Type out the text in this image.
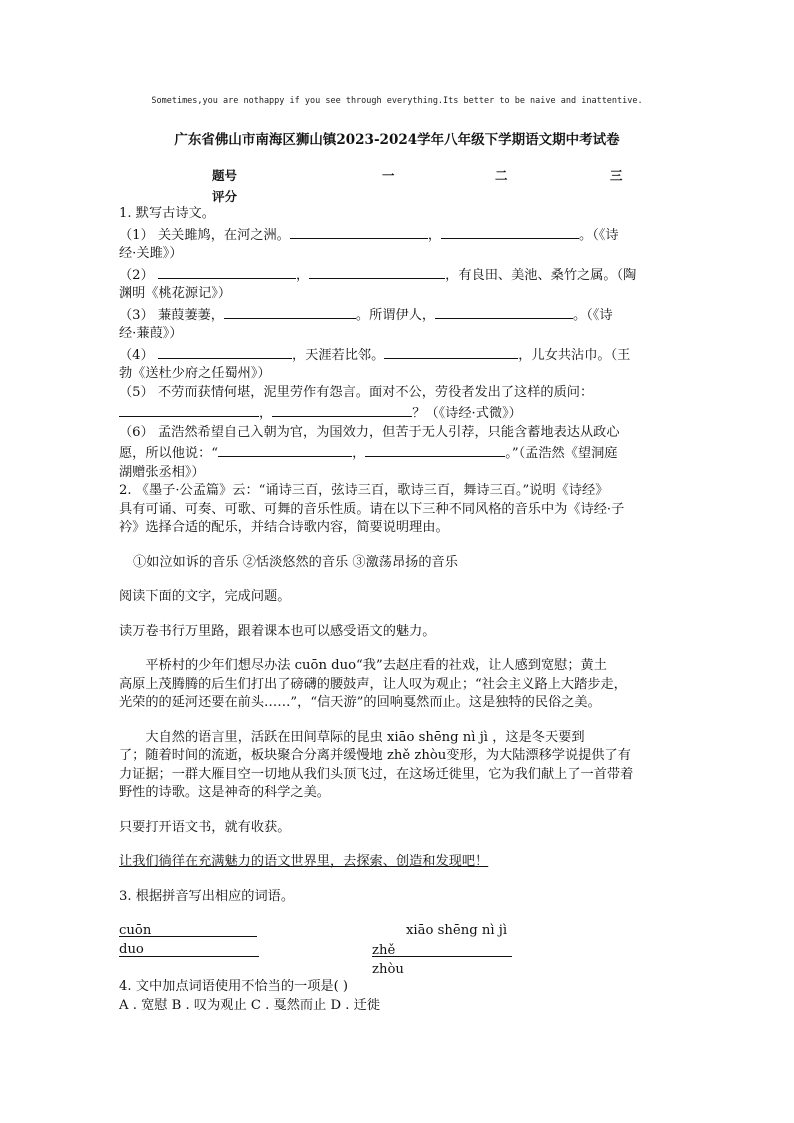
Sometimes,you are nothappy if you see through everything.Its better to be naive and inattentive.
广东省佛山市南海区狮山镇2023-2024学年八年级下学期语文期中考试卷
题号	一	二	三
评分

1. 默写古诗文。

（1） 关关雎鸠，在河之洲。	，	。（《诗

经·关雎》）

（2）	，	，有良田、美池、桑竹之属。（陶

渊明《桃花源记》）

（3） 蒹葭萋萋，	。所谓伊人，	。（《诗

经·蒹葭》）

（4）	，天涯若比邻。	，儿女共沾巾。（王

勃《送杜少府之任蜀州》）

（5） 不劳而获情何堪，泥里劳作有怨言。面对不公，劳役者发出了这样的质问：

，	？（《诗经·式微》）

（6） 孟浩然希望自己入朝为官，为国效力，但苦于无人引荐，只能含蓄地表达从政心

愿，所以他说：“	，	。”（孟浩然《望洞庭

湖赠张丞相》）

2. 《墨子·公孟篇》云：“诵诗三百，弦诗三百，歌诗三百，舞诗三百。”说明《诗经》

具有可诵、可奏、可歌、可舞的音乐性质。请在以下三种不同风格的音乐中为《诗经·子

衿》选择合适的配乐，并结合诗歌内容，简要说明理由。

①如泣如诉的音乐 ②恬淡悠然的音乐 ③激荡昂扬的音乐

阅读下面的文字，完成问题。

读万卷书行万里路，跟着课本也可以感受语文的魅力。

平桥村的少年们想尽办法 cuōn duo“我”去赵庄看的社戏，让人感到宽慰；黄土

高原上茂腾腾的后生们打出了磅礴的腰鼓声，让人叹为观止；“社会主义路上大踏步走，

光荣的的延河还要在前头……”，“信天游”的回响戛然而止。这是独特的民俗之美。

大自然的语言里，活跃在田间草际的昆虫 xiāo shēng nì jì ，这是冬天要到

了；随着时间的流逝，板块聚合分离并缓慢地 zhě zhòu变形，为大陆漂移学说提供了有

力证据；一群大雁目空一切地从我们头顶飞过，在这场迁徙里，它为我们献上了一首带着

野性的诗歌。这是神奇的科学之美。

只要打开语文书，就有收获。

让我们徜徉在充满魅力的语文世界里，去探索、创造和发现吧！

3. 根据拼音写出相应的词语。

cuōn duo
xiāo shēng nì jì
zhě zhòu

4. 文中加点词语使用不恰当的一项是( )

A . 宽慰 B . 叹为观止 C . 戛然而止 D . 迁徙
